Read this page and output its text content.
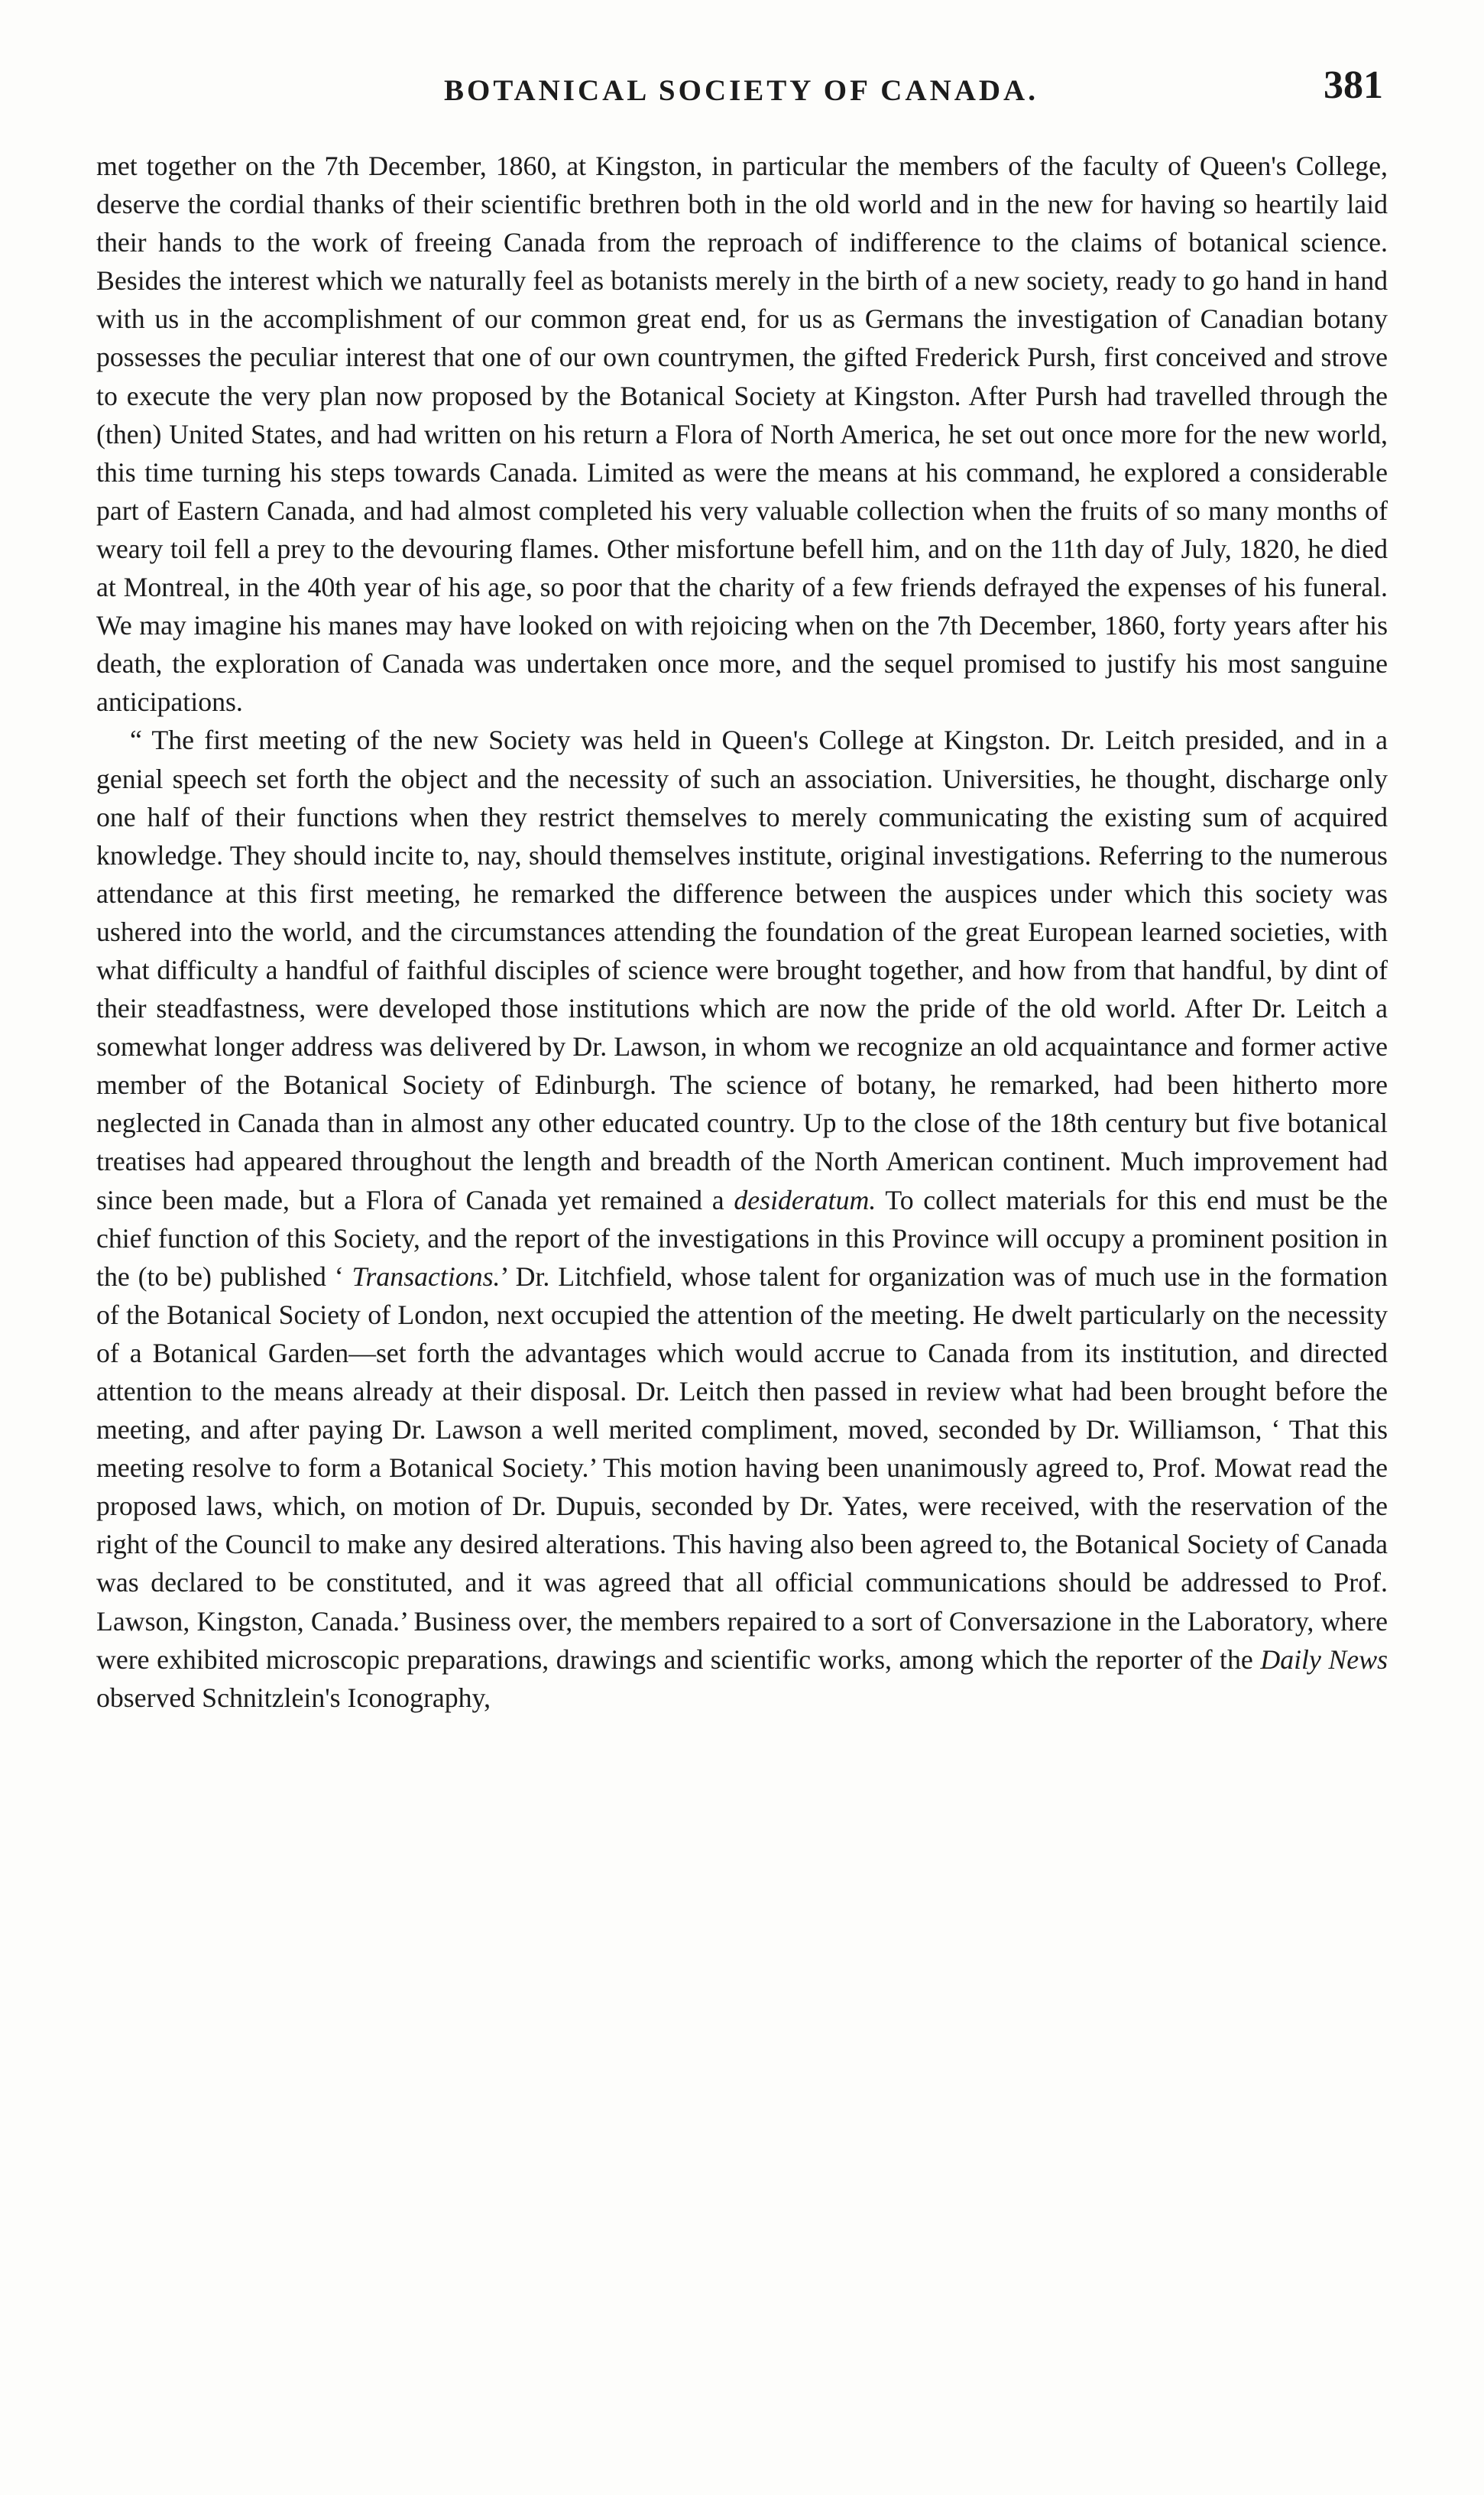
BOTANICAL SOCIETY OF CANADA.	381

met together on the 7th December, 1860, at Kingston, in particular the members of the faculty of Queen's College, deserve the cordial thanks of their scientific brethren both in the old world and in the new for having so heartily laid their hands to the work of freeing Canada from the reproach of indifference to the claims of botanical science. Besides the interest which we naturally feel as botanists merely in the birth of a new society, ready to go hand in hand with us in the accomplishment of our common great end, for us as Germans the investigation of Canadian botany possesses the peculiar interest that one of our own countrymen, the gifted Frederick Pursh, first conceived and strove to execute the very plan now proposed by the Botanical Society at Kingston. After Pursh had travelled through the (then) United States, and had written on his return a Flora of North America, he set out once more for the new world, this time turning his steps towards Canada. Limited as were the means at his command, he explored a considerable part of Eastern Canada, and had almost completed his very valuable collection when the fruits of so many months of weary toil fell a prey to the devouring flames. Other misfortune befell him, and on the 11th day of July, 1820, he died at Montreal, in the 40th year of his age, so poor that the charity of a few friends defrayed the expenses of his funeral. We may imagine his manes may have looked on with rejoicing when on the 7th December, 1860, forty years after his death, the exploration of Canada was undertaken once more, and the sequel promised to justify his most sanguine anticipations.

“ The first meeting of the new Society was held in Queen's College at Kingston. Dr. Leitch presided, and in a genial speech set forth the object and the necessity of such an association. Universities, he thought, discharge only one half of their functions when they restrict themselves to merely communicating the existing sum of acquired knowledge. They should incite to, nay, should themselves institute, original investigations. Referring to the numerous attendance at this first meeting, he remarked the difference between the auspices under which this society was ushered into the world, and the circumstances attending the foundation of the great European learned societies, with what difficulty a handful of faithful disciples of science were brought together, and how from that handful, by dint of their steadfastness, were developed those institutions which are now the pride of the old world. After Dr. Leitch a somewhat longer address was delivered by Dr. Lawson, in whom we recognize an old acquaintance and former active member of the Botanical Society of Edinburgh. The science of botany, he remarked, had been hitherto more neglected in Canada than in almost any other educated country. Up to the close of the 18th century but five botanical treatises had appeared throughout the length and breadth of the North American continent. Much improvement had since been made, but a Flora of Canada yet remained a desideratum. To collect materials for this end must be the chief function of this Society, and the report of the investigations in this Province will occupy a prominent position in the (to be) published ‘ Transactions.’ Dr. Litchfield, whose talent for organization was of much use in the formation of the Botanical Society of London, next occupied the attention of the meeting. He dwelt particularly on the necessity of a Botanical Garden—set forth the advantages which would accrue to Canada from its institution, and directed attention to the means already at their disposal. Dr. Leitch then passed in review what had been brought before the meeting, and after paying Dr. Lawson a well merited compliment, moved, seconded by Dr. Williamson, ‘ That this meeting resolve to form a Botanical Society.’ This motion having been unanimously agreed to, Prof. Mowat read the proposed laws, which, on motion of Dr. Dupuis, seconded by Dr. Yates, were received, with the reservation of the right of the Council to make any desired alterations. This having also been agreed to, the Botanical Society of Canada was declared to be constituted, and it was agreed that all official communications should be addressed to Prof. Lawson, Kingston, Canada.’ Business over, the members repaired to a sort of Conversazione in the Laboratory, where were exhibited microscopic preparations, drawings and scientific works, among which the reporter of the Daily News observed Schnitzlein's Iconography,
